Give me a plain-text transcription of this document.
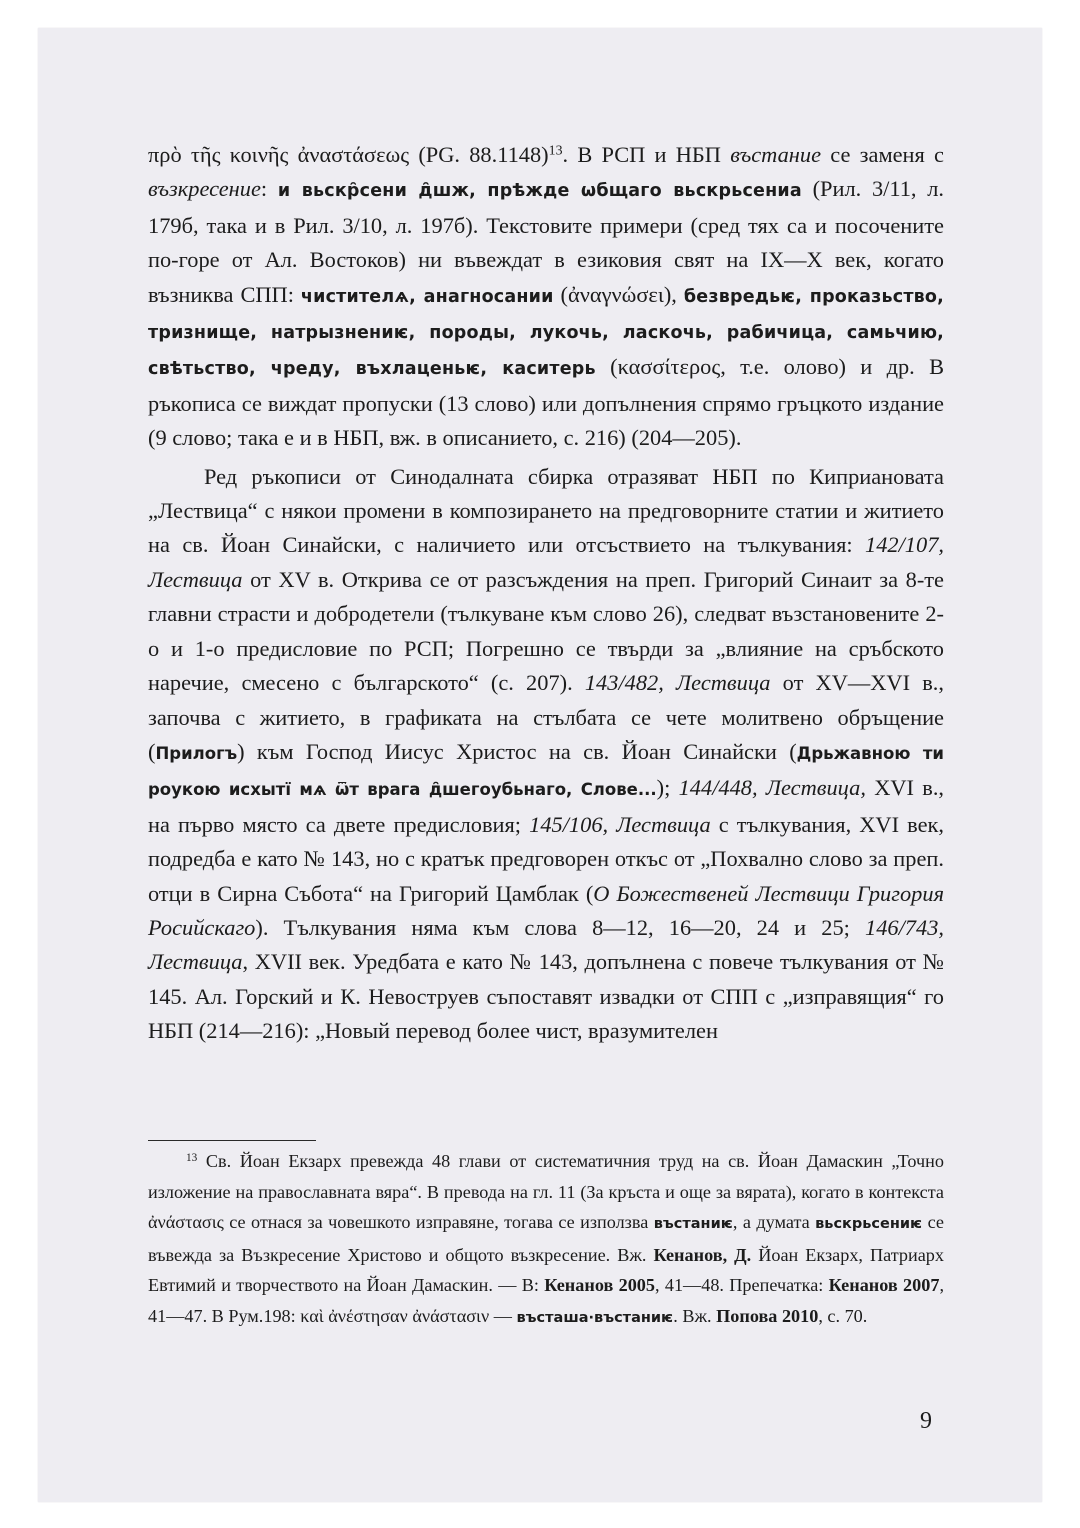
πρὸ τῆς κοινῆς ἀναστάσεως (PG. 88.1148)$^{13}$. В РСП и НБП въстание се заменя с възкресение: и вьскр̑сени д̑шж, прѣжде ѡбщаго вьскрьсениа (Рил. 3/11, л. 179б, така и в Рил. 3/10, л. 197б). Текстовите примери (сред тях са и посочените по-горе от Ал. Востоков) ни въвеждат в езиковия свят на IX—X век, когато възниква СПП: чистителѧ, анагносании (ἀναγνώσει), безвредьѥ, проказьство, тризнище, натрызнениѥ, породы, лукочь, ласкочь, рабичица, самьчию, свѣтьство, чреду, въхлаценьѥ, каситерь (κασσίτερος, т.е. олово) и др. В ръкописа се виждат пропуски (13 слово) или допълнения спрямо гръцкото издание (9 слово; така е и в НБП, вж. в описанието, с. 216) (204—205).

Ред ръкописи от Синодалната сбирка отразяват НБП по Киприановата „Лествица“ с някои промени в композирането на предговорните статии и житието на св. Йоан Синайски, с наличието или отсъствието на тълкувания: 142/107, Лествица от XV в. Открива се от разсъждения на преп. Григорий Синаит за 8-те главни страсти и добродетели (тълкуване към слово 26), следват възстановените 2-о и 1-о предисловие по РСП; Погрешно се твърди за „влияние на сръбското наречие, смесено с българското“ (с. 207). 143/482, Лествица от XV—XVI в., започва с житието, в графиката на стълбата се чете молитвено обръщение (Прилогъ) към Господ Иисус Христос на св. Йоан Синайски (Дрьжавною ти роукою исхытї мѧ ѿт врага д̑шегоубьнаго, Слове...); 144/448, Лествица, XVI в., на първо място са двете предисловия; 145/106, Лествица с тълкувания, XVI век, подредба е като № 143, но с кратък предговорен откъс от „Похвално слово за преп. отци в Сирна Събота“ на Григорий Цамблак (О Божественей Лествици Григория Росийскаго). Тълкувания няма към слова 8—12, 16—20, 24 и 25; 146/743, Лествица, XVII век. Уредбата е като № 143, допълнена с повече тълкувания от № 145. Ал. Горский и К. Невоструев съпоставят извадки от СПП с „изправящия“ го НБП (214—216): „Новый перевод более чист, вразумителен

$^{13}$ Св. Йоан Екзарх превежда 48 глави от систематичния труд на св. Йоан Дамаскин „Точно изложение на православната вяра“. В превода на гл. 11 (За кръста и още за вярата), когато в контекста ἀνάστασις се отнася за човешкото изправяне, тогава се използва въстаниѥ, а думата вьскрьсениѥ се въвежда за Възкресение Христово и общото възкресение. Вж. Кенанов, Д. Йоан Екзарх, Патриарх Евтимий и творчеството на Йоан Дамаскин. — В: Кенанов 2005, 41—48. Препечатка: Кенанов 2007, 41—47. В Рум.198: καὶ ἀνέστησαν ἀνάστασιν — въсташа·въстаниѥ. Вж. Попова 2010, с. 70.

9
